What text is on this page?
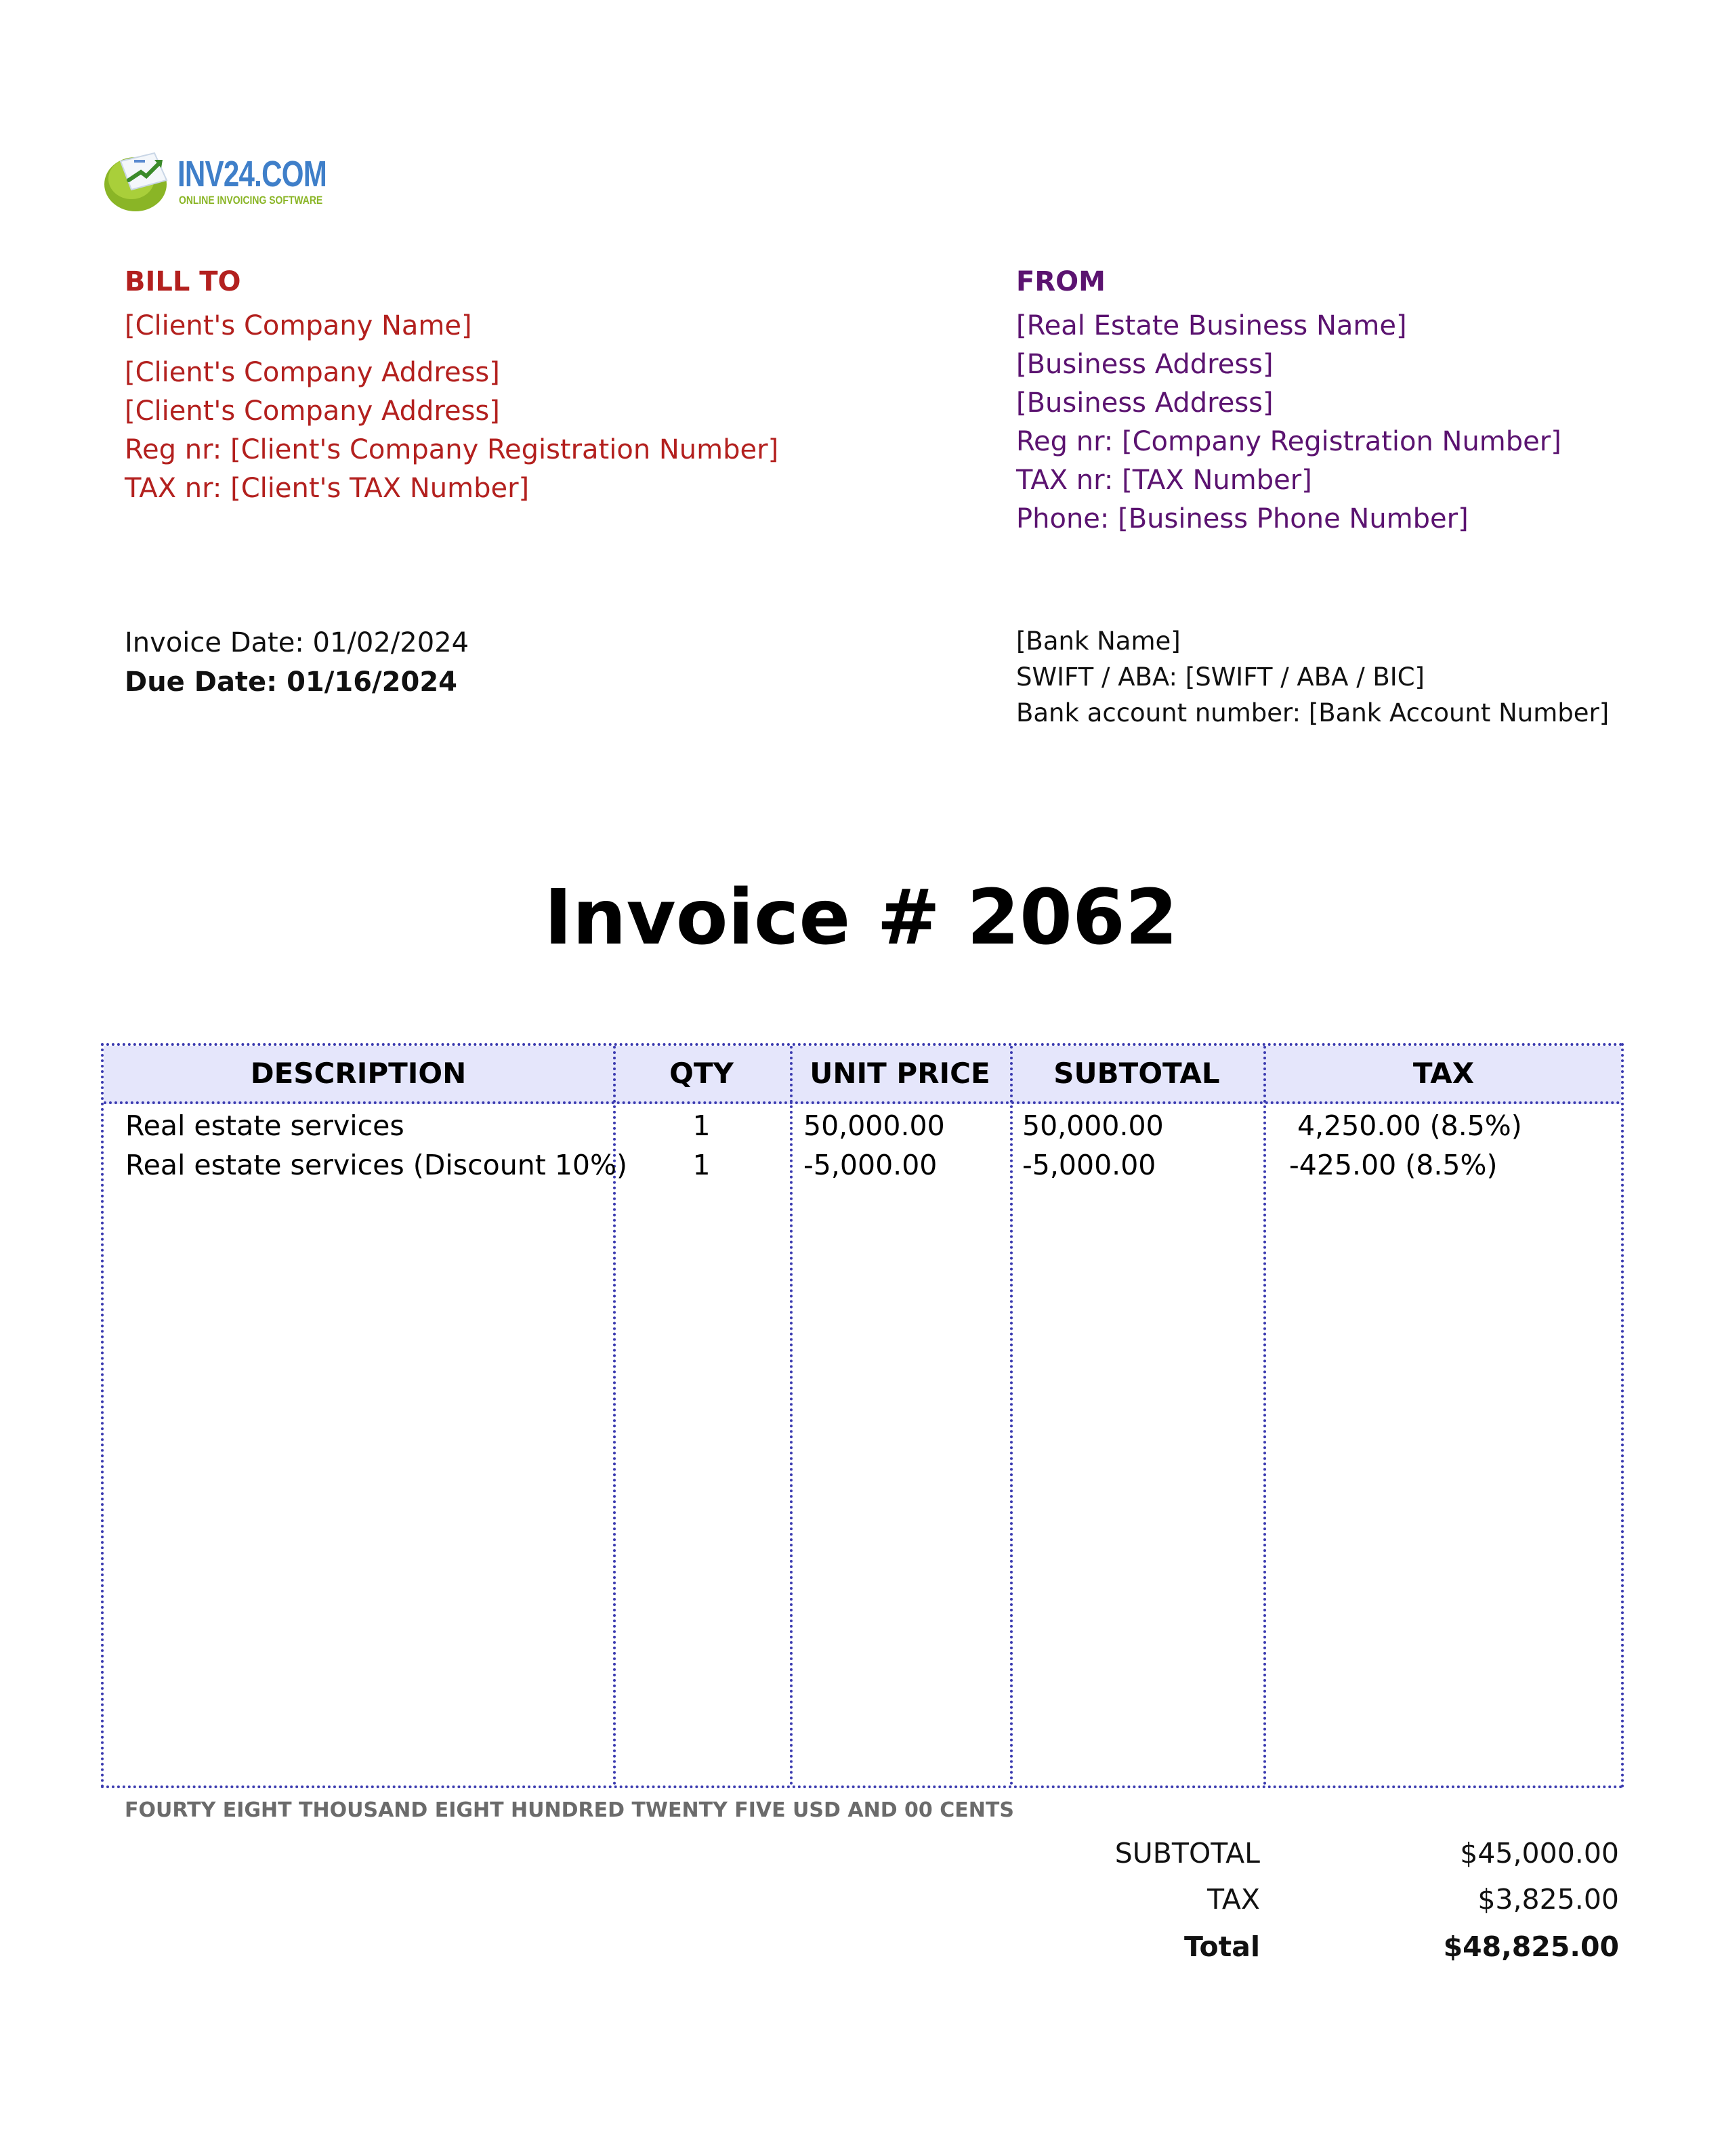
INV24.COM
ONLINE INVOICING SOFTWARE
BILL TO
[Client's Company Name]
[Client's Company Address]
[Client's Company Address]
Reg nr: [Client's Company Registration Number]
TAX nr: [Client's TAX Number]
FROM
[Real Estate Business Name]
[Business Address]
[Business Address]
Reg nr: [Company Registration Number]
TAX nr: [TAX Number]
Phone: [Business Phone Number]
Invoice Date: 01/02/2024
Due Date: 01/16/2024
[Bank Name]
SWIFT / ABA: [SWIFT / ABA / BIC]
Bank account number: [Bank Account Number]
Invoice # 2062
DESCRIPTION	QTY	UNIT PRICE	SUBTOTAL	TAX
Real estate services	1	50,000.00	50,000.00	4,250.00 (8.5%)
Real estate services (Discount 10%)	1	-5,000.00	-5,000.00	-425.00 (8.5%)
FOURTY EIGHT THOUSAND EIGHT HUNDRED TWENTY FIVE USD AND 00 CENTS
SUBTOTAL	$45,000.00
TAX	$3,825.00
Total	$48,825.00
